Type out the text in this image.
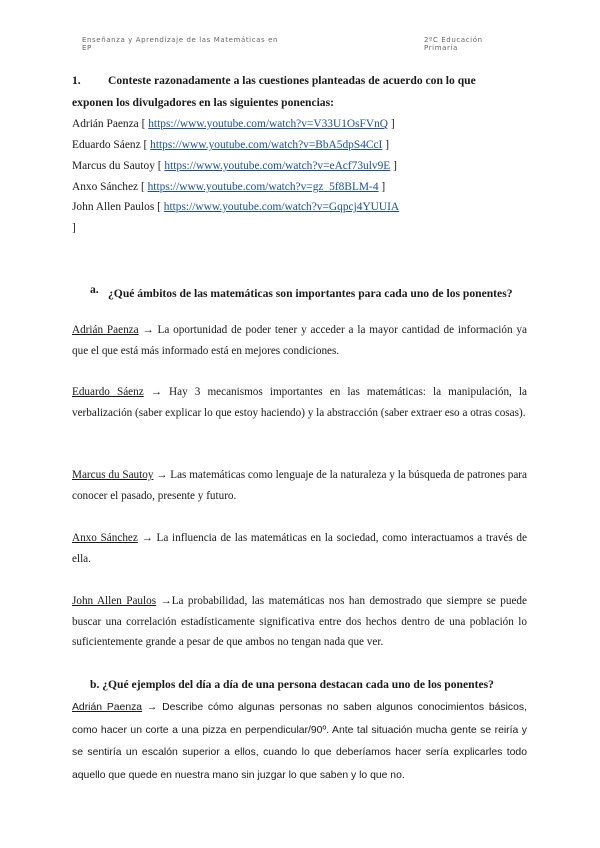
Enseñanza y Aprendizaje de las Matemáticas en
EP
2ºC Educación
Primaria
1. Conteste razonadamente a las cuestiones planteadas de acuerdo con lo que
exponen los divulgadores en las siguientes ponencias:
Adrián Paenza [ https://www.youtube.com/watch?v=V33U1OsFVnQ ]
Eduardo Sáenz [ https://www.youtube.com/watch?v=BbA5dpS4CcI ]
Marcus du Sautoy [ https://www.youtube.com/watch?v=eAcf73ulv9E ]
Anxo Sánchez [ https://www.youtube.com/watch?v=gz_5f8BLM-4 ]
John Allen Paulos [ https://www.youtube.com/watch?v=Gqpcj4YUUIA
]
a. ¿Qué ámbitos de las matemáticas son importantes para cada uno de los ponentes?

Adrián Paenza → La oportunidad de poder tener y acceder a la mayor cantidad de información ya que el que está más informado está en mejores condiciones.

Eduardo Sáenz → Hay 3 mecanismos importantes en las matemáticas: la manipulación, la verbalización (saber explicar lo que estoy haciendo) y la abstracción (saber extraer eso a otras cosas).

Marcus du Sautoy → Las matemáticas como lenguaje de la naturaleza y la búsqueda de patrones para conocer el pasado, presente y futuro.

Anxo Sánchez → La influencia de las matemáticas en la sociedad, como interactuamos a través de ella.

John Allen Paulos →La probabilidad, las matemáticas nos han demostrado que siempre se puede buscar una correlación estadísticamente significativa entre dos hechos dentro de una población lo suficientemente grande a pesar de que ambos no tengan nada que ver.

b. ¿Qué ejemplos del día a día de una persona destacan cada uno de los ponentes?

Adrián Paenza → Describe cómo algunas personas no saben algunos conocimientos básicos, como hacer un corte a una pizza en perpendicular/90º. Ante tal situación mucha gente se reiría y se sentiría un escalón superior a ellos, cuando lo que deberíamos hacer sería explicarles todo aquello que quede en nuestra mano sin juzgar lo que saben y lo que no.
